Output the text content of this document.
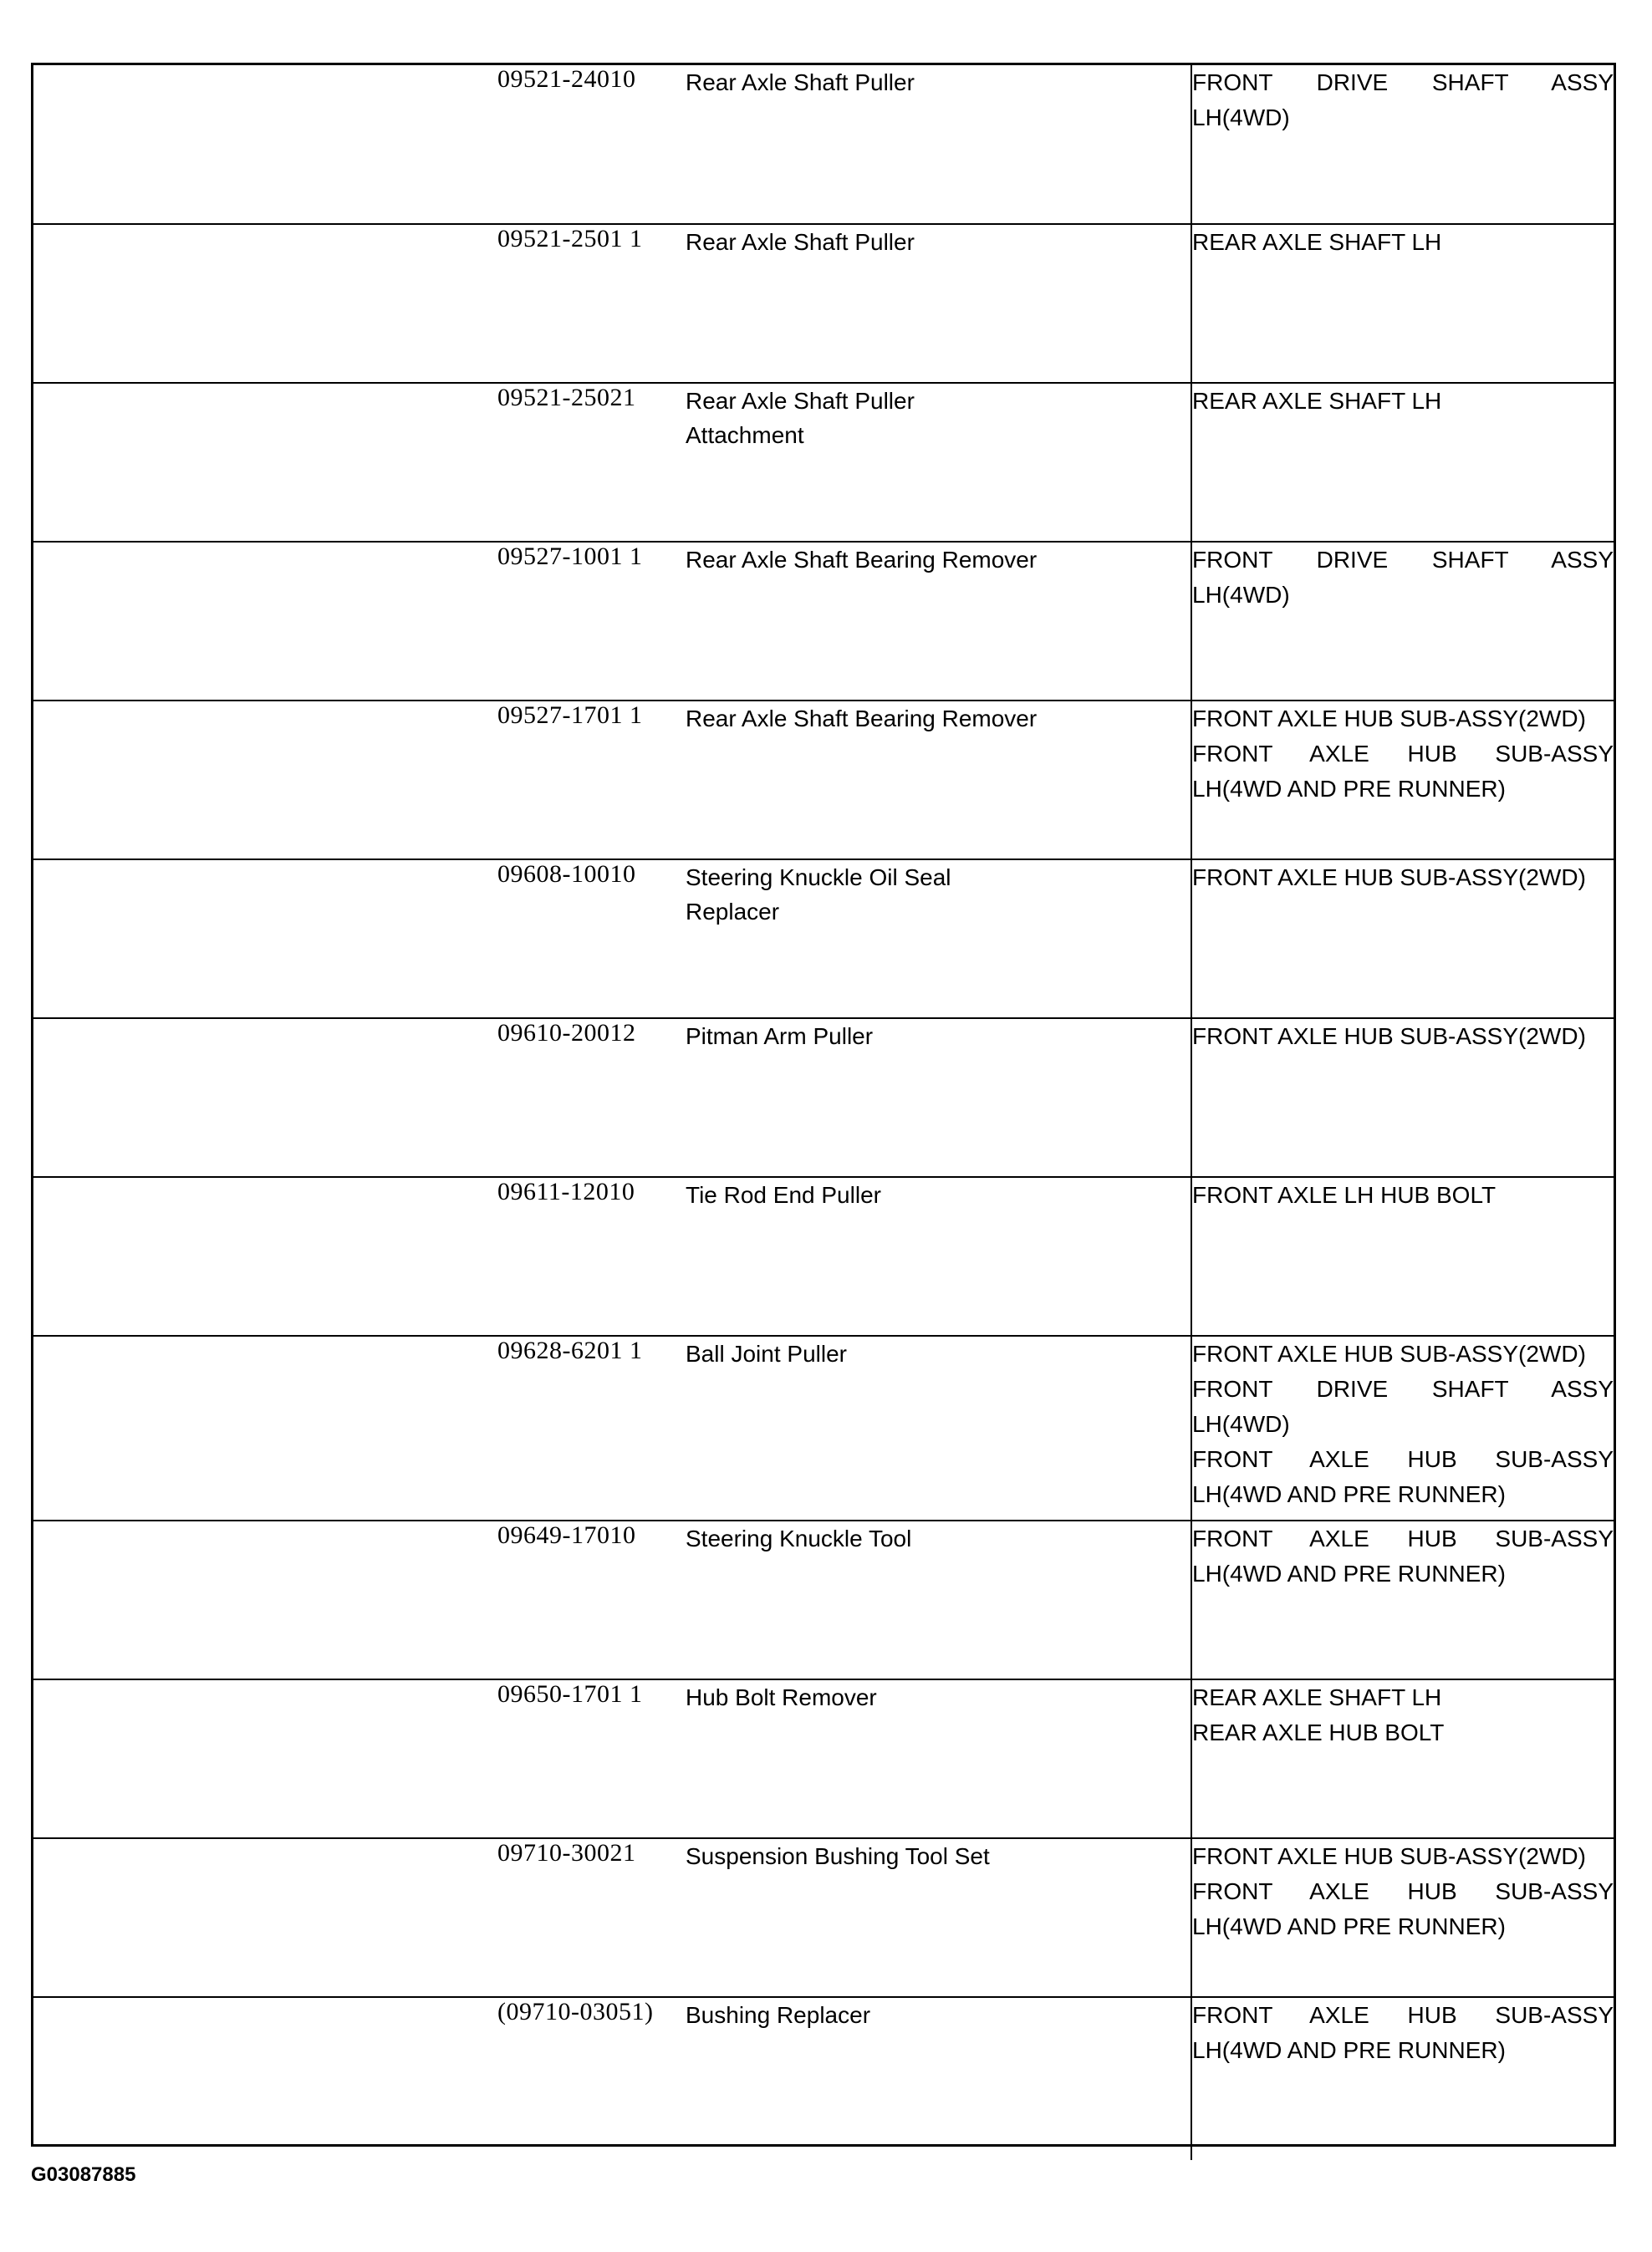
09521-24010	Rear Axle Shaft Puller	FRONT DRIVE SHAFT ASSY
LH(4WD)

09521-2501 1	Rear Axle Shaft Puller	REAR AXLE SHAFT LH

09521-25021	Rear Axle Shaft Puller
Attachment	REAR AXLE SHAFT LH

09527-1001 1	Rear Axle Shaft Bearing Remover	FRONT DRIVE SHAFT ASSY
LH(4WD)

09527-1701 1	Rear Axle Shaft Bearing Remover	FRONT AXLE HUB SUB-ASSY(2WD)
FRONT AXLE HUB SUB-ASSY
LH(4WD AND PRE RUNNER)

09608-10010	Steering Knuckle Oil Seal
Replacer	FRONT AXLE HUB SUB-ASSY(2WD)

09610-20012	Pitman Arm Puller	FRONT AXLE HUB SUB-ASSY(2WD)

09611-12010	Tie Rod End Puller	FRONT AXLE LH HUB BOLT

09628-6201 1	Ball Joint Puller	FRONT AXLE HUB SUB-ASSY(2WD)
FRONT DRIVE SHAFT ASSY
LH(4WD)
FRONT AXLE HUB SUB-ASSY
LH(4WD AND PRE RUNNER)

09649-17010	Steering Knuckle Tool	FRONT AXLE HUB SUB-ASSY
LH(4WD AND PRE RUNNER)

09650-1701 1	Hub Bolt Remover	REAR AXLE SHAFT LH
REAR AXLE HUB BOLT

09710-30021	Suspension Bushing Tool Set	FRONT AXLE HUB SUB-ASSY(2WD)
FRONT AXLE HUB SUB-ASSY
LH(4WD AND PRE RUNNER)

(09710-03051)	Bushing Replacer	FRONT AXLE HUB SUB-ASSY
LH(4WD AND PRE RUNNER)
G03087885
